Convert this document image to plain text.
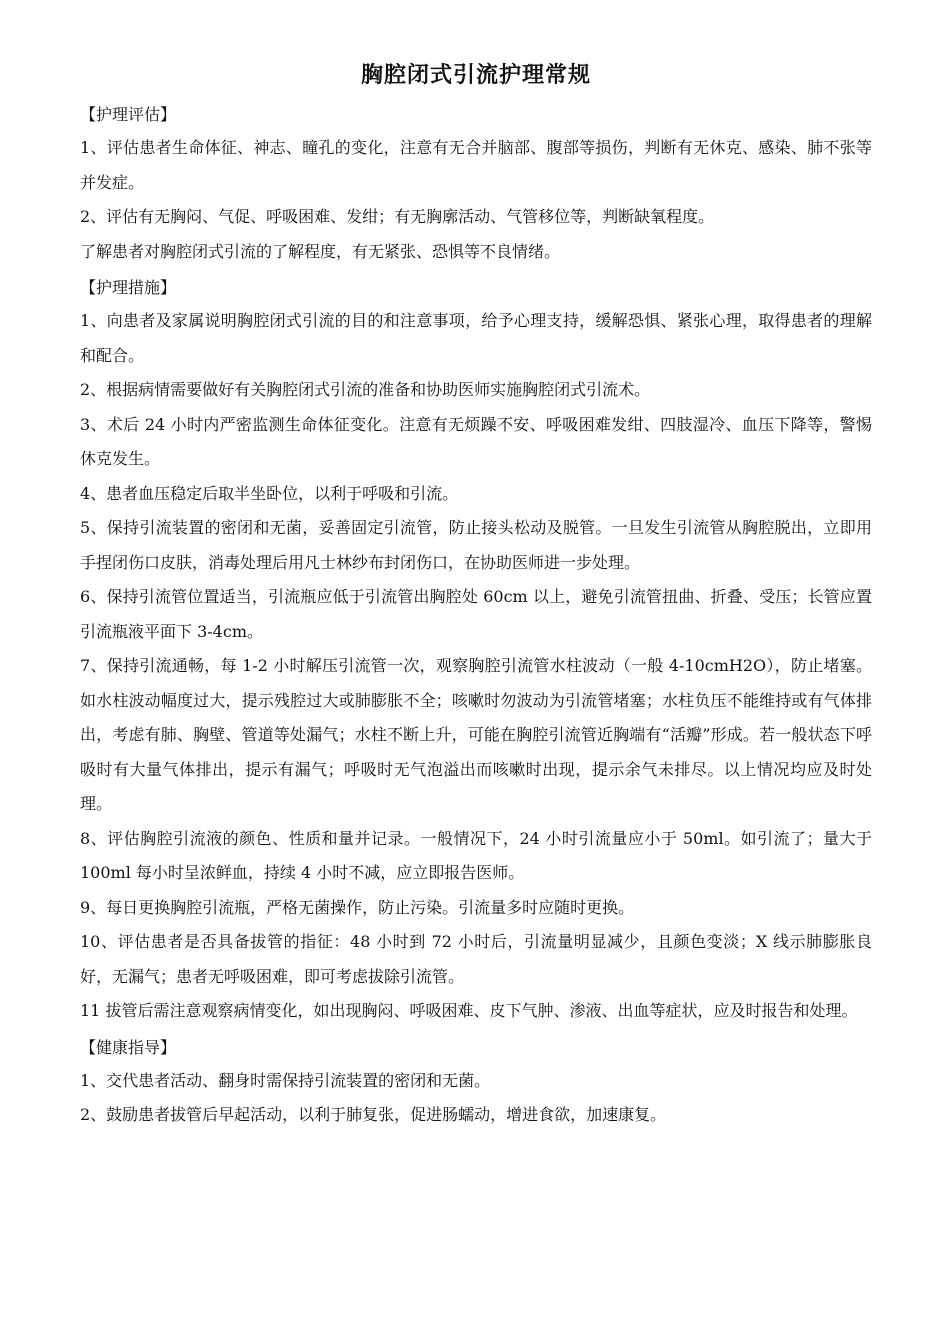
胸腔闭式引流护理常规

【护理评估】

1、评估患者生命体征、神志、瞳孔的变化，注意有无合并脑部、腹部等损伤，判断有无休克、感染、肺不张等并发症。

2、评估有无胸闷、气促、呼吸困难、发绀；有无胸廓活动、气管移位等，判断缺氧程度。

了解患者对胸腔闭式引流的了解程度，有无紧张、恐惧等不良情绪。

【护理措施】

1、向患者及家属说明胸腔闭式引流的目的和注意事项，给予心理支持，缓解恐惧、紧张心理，取得患者的理解和配合。

2、根据病情需要做好有关胸腔闭式引流的准备和协助医师实施胸腔闭式引流术。

3、术后 24 小时内严密监测生命体征变化。注意有无烦躁不安、呼吸困难发绀、四肢湿冷、血压下降等，警惕休克发生。

4、患者血压稳定后取半坐卧位，以利于呼吸和引流。

5、保持引流装置的密闭和无菌，妥善固定引流管，防止接头松动及脱管。一旦发生引流管从胸腔脱出，立即用手捏闭伤口皮肤，消毒处理后用凡士林纱布封闭伤口，在协助医师进一步处理。

6、保持引流管位置适当，引流瓶应低于引流管出胸腔处 60cm 以上，避免引流管扭曲、折叠、受压；长管应置引流瓶液平面下 3-4cm。

7、保持引流通畅，每 1-2 小时解压引流管一次，观察胸腔引流管水柱波动（一般 4-10cmH2O），防止堵塞。如水柱波动幅度过大，提示残腔过大或肺膨胀不全；咳嗽时勿波动为引流管堵塞；水柱负压不能维持或有气体排出，考虑有肺、胸壁、管道等处漏气；水柱不断上升，可能在胸腔引流管近胸端有“活瓣”形成。若一般状态下呼吸时有大量气体排出，提示有漏气；呼吸时无气泡溢出而咳嗽时出现，提示余气未排尽。以上情况均应及时处理。

8、评估胸腔引流液的颜色、性质和量并记录。一般情况下，24 小时引流量应小于 50ml。如引流了；量大于 100ml 每小时呈浓鲜血，持续 4 小时不减，应立即报告医师。

9、每日更换胸腔引流瓶，严格无菌操作，防止污染。引流量多时应随时更换。

10、评估患者是否具备拔管的指征：48 小时到 72 小时后，引流量明显减少，且颜色变淡；X 线示肺膨胀良好，无漏气；患者无呼吸困难，即可考虑拔除引流管。

11 拔管后需注意观察病情变化，如出现胸闷、呼吸困难、皮下气肿、渗液、出血等症状，应及时报告和处理。

【健康指导】

1、交代患者活动、翻身时需保持引流装置的密闭和无菌。

2、鼓励患者拔管后早起活动，以利于肺复张，促进肠蠕动，增进食欲，加速康复。
